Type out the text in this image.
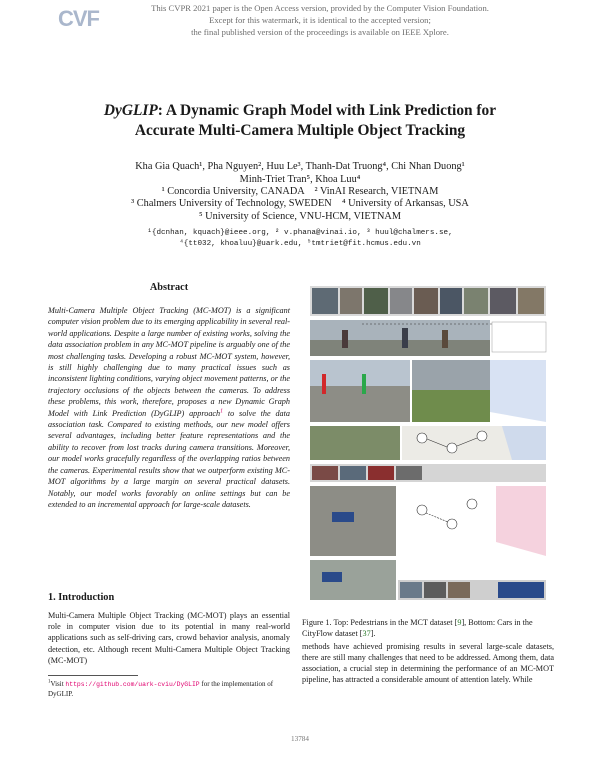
CVF	This CVPR 2021 paper is the Open Access version, provided by the Computer Vision Foundation.
Except for this watermark, it is identical to the accepted version;
the final published version of the proceedings is available on IEEE Xplore.
DyGLIP: A Dynamic Graph Model with Link Prediction for
Accurate Multi-Camera Multiple Object Tracking
Kha Gia Quach¹, Pha Nguyen², Huu Le³, Thanh-Dat Truong⁴, Chi Nhan Duong¹
Minh-Triet Tran⁵, Khoa Luu⁴
¹ Concordia University, CANADA    ² VinAI Research, VIETNAM
³ Chalmers University of Technology, SWEDEN    ⁴ University of Arkansas, USA
⁵ University of Science, VNU-HCM, VIETNAM
¹{dcnhan, kquach}@ieee.org, ² v.phana@vinai.io, ³ huul@chalmers.se,
⁴{tt032, khoaluu}@uark.edu, ⁵tmtriet@fit.hcmus.edu.vn
Abstract
Multi-Camera Multiple Object Tracking (MC-MOT) is a significant computer vision problem due to its emerging applicability in several real-world applications. Despite a large number of existing works, solving the data association problem in any MC-MOT pipeline is arguably one of the most challenging tasks. Developing a robust MC-MOT system, however, is still highly challenging due to many practical issues such as inconsistent lighting conditions, varying object movement patterns, or the trajectory occlusions of the objects between the cameras. To address these problems, this work, therefore, proposes a new Dynamic Graph Model with Link Prediction (DyGLIP) approach$^1$ to solve the data association task. Compared to existing methods, our new model offers several advantages, including better feature representations and the ability to recover from lost tracks during camera transitions. Moreover, our model works gracefully regardless of the overlapping ratios between the cameras. Experimental results show that we outperform existing MC-MOT algorithms by a large margin on several practical datasets. Notably, our model works favorably on online settings but can be extended to an incremental approach for large-scale datasets.
1. Introduction
Multi-Camera Multiple Object Tracking (MC-MOT) plays an essential role in computer vision due to its potential in many real-world applications such as self-driving cars, crowd behavior analysis, anomaly detection, etc. Although recent Multi-Camera Multiple Object Tracking (MC-MOT)
$^1$Visit https://github.com/uark-cviu/DyGLIP for the implementation of DyGLIP.
Figure 1. Top: Pedestrians in the MCT dataset [9], Bottom: Cars in the CityFlow dataset [37].
methods have achieved promising results in several large-scale datasets, there are still many challenges that need to be addressed. Among them, data association, a crucial step in determining the performance of an MC-MOT pipeline, has attracted a considerable amount of attention lately. While
13784
